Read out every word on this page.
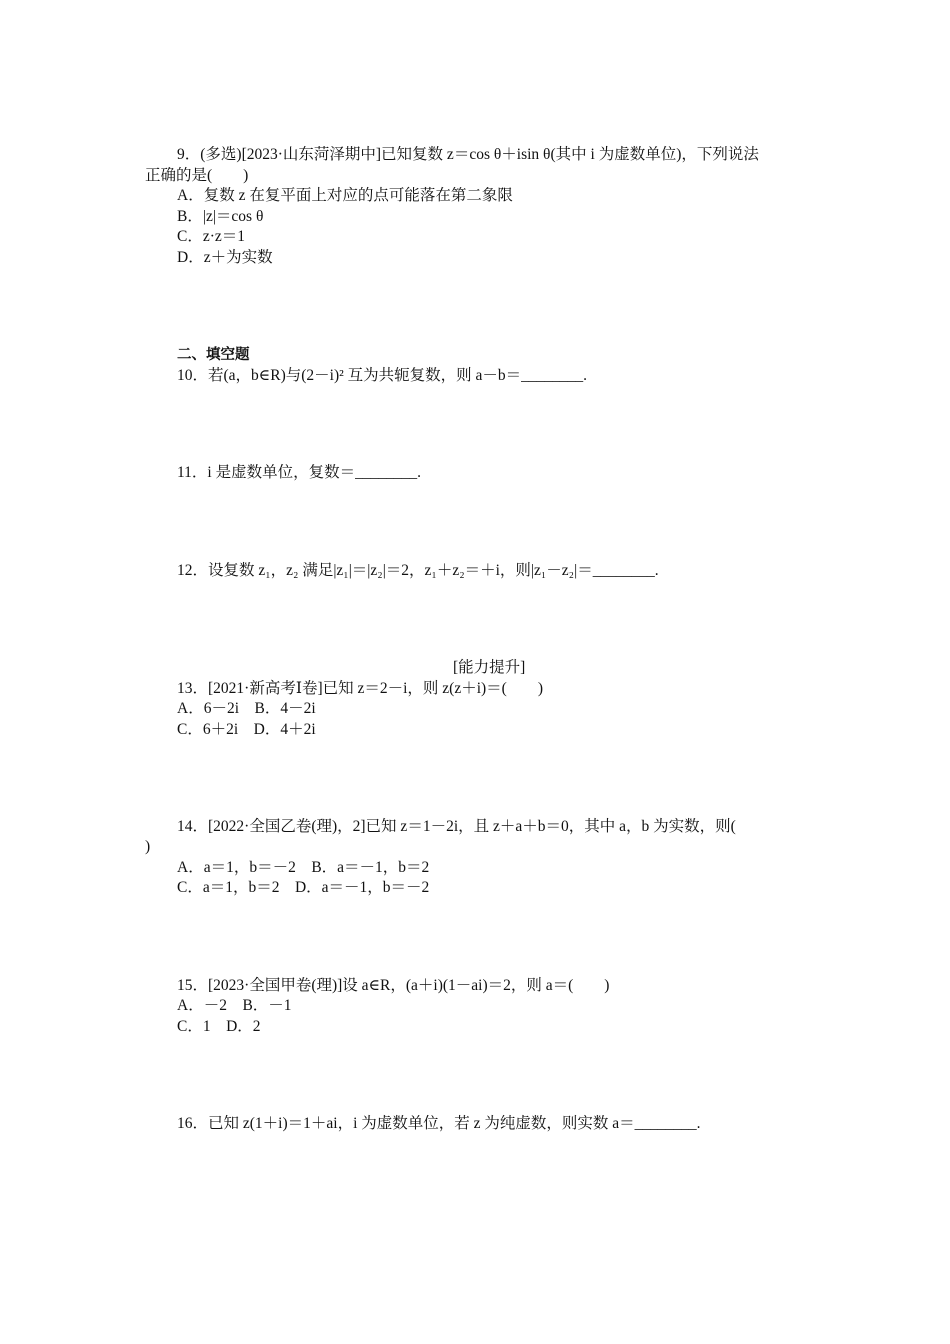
9．(多选)[2023·山东菏泽期中]已知复数 z＝cos θ＋isin θ(其中 i 为虚数单位)，下列说法
正确的是(　　)
A．复数 z 在复平面上对应的点可能落在第二象限
B．|z|＝cos θ
C．z·z＝1
D．z＋为实数
二、填空题
10．若(a，b∈R)与(2－i)² 互为共轭复数，则 a－b＝________.
11．i 是虚数单位，复数＝________.
12．设复数 z₁，z₂ 满足|z₁|＝|z₂|＝2，z₁＋z₂＝＋i，则|z₁－z₂|＝________.
[能力提升]
13．[2021·新高考Ⅰ卷]已知 z＝2－i，则 z(z＋i)＝(　　)
A．6－2i　B．4－2i
C．6＋2i　D．4＋2i
14．[2022·全国乙卷(理)，2]已知 z＝1－2i，且 z＋a＋b＝0，其中 a，b 为实数，则(
)
A．a＝1，b＝－2　B．a＝－1，b＝2
C．a＝1，b＝2　D．a＝－1，b＝－2
15．[2023·全国甲卷(理)]设 a∈R，(a＋i)(1－ai)＝2，则 a＝(　　)
A．－2　B．－1
C．1　D．2
16．已知 z(1＋i)＝1＋ai，i 为虚数单位，若 z 为纯虚数，则实数 a＝________.
